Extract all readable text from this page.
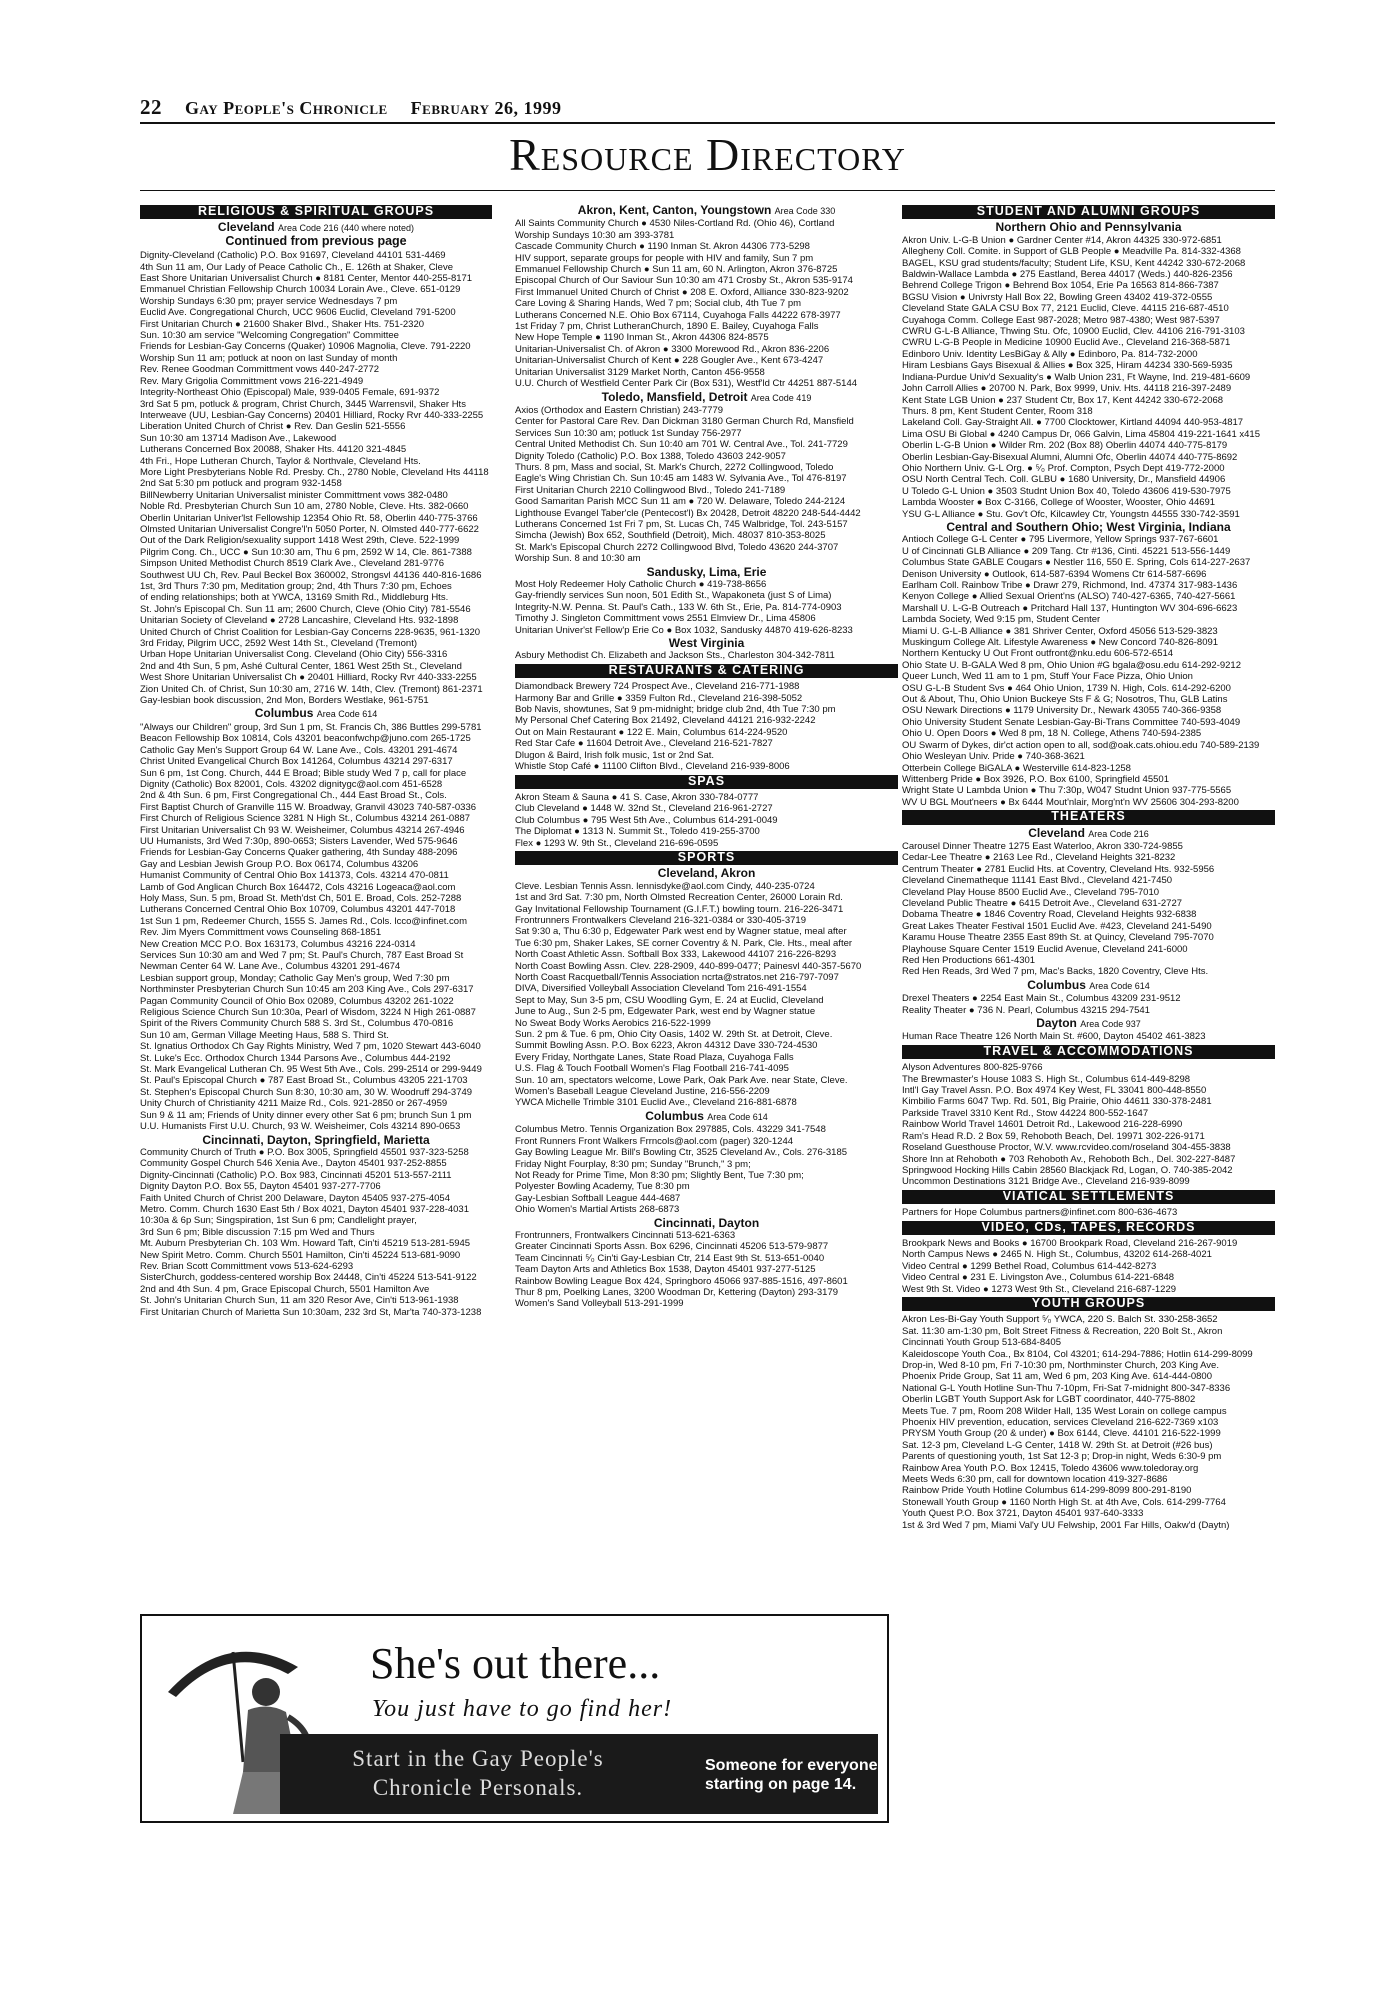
22 Gay People's Chronicle February 26, 1999
Resource Directory
RELIGIOUS & SPIRITUAL GROUPS
Cleveland Area Code 216 (440 where noted)
Continued from previous page
Dignity-Cleveland (Catholic) P.O. Box 91697, Cleveland 44101 531-4469
4th Sun 11 am, Our Lady of Peace Catholic Ch., E. 126th at Shaker, Cleve
East Shore Unitarian Universalist Church ● 8181 Center, Mentor 440-255-8171
Emmanuel Christian Fellowship Church 10034 Lorain Ave., Cleve. 651-0129
Worship Sundays 6:30 pm; prayer service Wednesdays 7 pm
Euclid Ave. Congregational Church, UCC 9606 Euclid, Cleveland 791-5200
First Unitarian Church ● 21600 Shaker Blvd., Shaker Hts. 751-2320
Sun. 10:30 am service "Welcoming Congregation" Committee
Friends for Lesbian-Gay Concerns (Quaker) 10906 Magnolia, Cleve. 791-2220
Worship Sun 11 am; potluck at noon on last Sunday of month
Rev. Renee Goodman Committment vows 440-247-2772
Rev. Mary Grigolia Committment vows 216-221-4949
Integrity-Northeast Ohio (Episcopal) Male, 939-0405 Female, 691-9372
3rd Sat 5 pm, potluck & program, Christ Church, 3445 Warrensvil, Shaker Hts
Interweave (UU, Lesbian-Gay Concerns) 20401 Hilliard, Rocky Rvr 440-333-2255
Liberation United Church of Christ ● Rev. Dan Geslin 521-5556
Sun 10:30 am 13714 Madison Ave., Lakewood
Lutherans Concerned Box 20088, Shaker Hts. 44120 321-4845
4th Fri., Hope Lutheran Church, Taylor & Northvale, Cleveland Hts.
More Light Presbyterians Noble Rd. Presby. Ch., 2780 Noble, Cleveland Hts 44118
2nd Sat 5:30 pm potluck and program 932-1458
BillNewberry Unitarian Universalist minister Committment vows 382-0480
Noble Rd. Presbyterian Church Sun 10 am, 2780 Noble, Cleve. Hts. 382-0660
Oberlin Unitarian Univer'lst Fellowship 12354 Ohio Rt. 58, Oberlin 440-775-3766
Olmsted Unitarian Universalist Congre'l'n 5050 Porter, N. Olmsted 440-777-6622
Out of the Dark Religion/sexuality support 1418 West 29th, Cleve. 522-1999
Pilgrim Cong. Ch., UCC ● Sun 10:30 am, Thu 6 pm, 2592 W 14, Cle. 861-7388
Simpson United Methodist Church 8519 Clark Ave., Cleveland 281-9776
Southwest UU Ch, Rev. Paul Beckel Box 360002, Strongsvl 44136 440-816-1686
1st, 3rd Thurs 7:30 pm, Meditation group; 2nd, 4th Thurs 7:30 pm, Echoes
of ending relationships; both at YWCA, 13169 Smith Rd., Middleburg Hts.
St. John's Episcopal Ch. Sun 11 am; 2600 Church, Cleve (Ohio City) 781-5546
Unitarian Society of Cleveland ● 2728 Lancashire, Cleveland Hts. 932-1898
United Church of Christ Coalition for Lesbian-Gay Concerns 228-9635, 961-1320
3rd Friday, Pilgrim UCC, 2592 West 14th St., Cleveland (Tremont)
Urban Hope Unitarian Universalist Cong. Cleveland (Ohio City) 556-3316
2nd and 4th Sun, 5 pm, Ashé Cultural Center, 1861 West 25th St., Cleveland
West Shore Unitarian Universalist Ch ● 20401 Hilliard, Rocky Rvr 440-333-2255
Zion United Ch. of Christ, Sun 10:30 am, 2716 W. 14th, Clev. (Tremont) 861-2371
Gay-lesbian book discussion, 2nd Mon, Borders Westlake, 961-5751
Columbus Area Code 614
"Always our Children" group, 3rd Sun 1 pm, St. Francis Ch, 386 Buttles 299-5781
Beacon Fellowship Box 10814, Cols 43201 beaconfwchp@juno.com 265-1725
Catholic Gay Men's Support Group 64 W. Lane Ave., Cols. 43201 291-4674
Christ United Evangelical Church Box 141264, Columbus 43214 297-6317
Sun 6 pm, 1st Cong. Church, 444 E Broad; Bible study Wed 7 p, call for place
Dignity (Catholic) Box 82001, Cols. 43202 dignitygc@aol.com 451-6528
2nd & 4th Sun. 6 pm, First Congregational Ch., 444 East Broad St., Cols.
First Baptist Church of Granville 115 W. Broadway, Granvil 43023 740-587-0336
First Church of Religious Science 3281 N High St., Columbus 43214 261-0887
First Unitarian Universalist Ch 93 W. Weisheimer, Columbus 43214 267-4946
UU Humanists, 3rd Wed 7:30p, 890-0653; Sisters Lavender, Wed 575-9646
Friends for Lesbian-Gay Concerns Quaker gathering, 4th Sunday 488-2096
Gay and Lesbian Jewish Group P.O. Box 06174, Columbus 43206
Humanist Community of Central Ohio Box 141373, Cols. 43214 470-0811
Lamb of God Anglican Church Box 164472, Cols 43216 Logeaca@aol.com
Holy Mass, Sun. 5 pm, Broad St. Meth'dst Ch, 501 E. Broad, Cols. 252-7288
Lutherans Concerned Central Ohio Box 10709, Columbus 43201 447-7018
1st Sun 1 pm, Redeemer Church, 1555 S. James Rd., Cols. lcco@infinet.com
Rev. Jim Myers Committment vows Counseling 868-1851
New Creation MCC P.O. Box 163173, Columbus 43216 224-0314
Services Sun 10:30 am and Wed 7 pm; St. Paul's Church, 787 East Broad St
Newman Center 64 W. Lane Ave., Columbus 43201 291-4674
Lesbian support group, Monday; Catholic Gay Men's group, Wed 7:30 pm
Northminster Presbyterian Church Sun 10:45 am 203 King Ave., Cols 297-6317
Pagan Community Council of Ohio Box 02089, Columbus 43202 261-1022
Religious Science Church Sun 10:30a, Pearl of Wisdom, 3224 N High 261-0887
Spirit of the Rivers Community Church 588 S. 3rd St., Columbus 470-0816
Sun 10 am, German Village Meeting Haus, 588 S. Third St.
St. Ignatius Orthodox Ch Gay Rights Ministry, Wed 7 pm, 1020 Stewart 443-6040
St. Luke's Ecc. Orthodox Church 1344 Parsons Ave., Columbus 444-2192
St. Mark Evangelical Lutheran Ch. 95 West 5th Ave., Cols. 299-2514 or 299-9449
St. Paul's Episcopal Church ● 787 East Broad St., Columbus 43205 221-1703
St. Stephen's Episcopal Church Sun 8:30, 10:30 am, 30 W. Woodruff 294-3749
Unity Church of Christianity 4211 Maize Rd., Cols. 921-2850 or 267-4959
Sun 9 & 11 am; Friends of Unity dinner every other Sat 6 pm; brunch Sun 1 pm
U.U. Humanists First U.U. Church, 93 W. Weisheimer, Cols 43214 890-0653
Cincinnati, Dayton, Springfield, Marietta
Community Church of Truth ● P.O. Box 3005, Springfield 45501 937-323-5258
Community Gospel Church 546 Xenia Ave., Dayton 45401 937-252-8855
Dignity-Cincinnati (Catholic) P.O. Box 983, Cincinnati 45201 513-557-2111
Dignity Dayton P.O. Box 55, Dayton 45401 937-277-7706
Faith United Church of Christ 200 Delaware, Dayton 45405 937-275-4054
Metro. Comm. Church 1630 East 5th / Box 4021, Dayton 45401 937-228-4031
10:30a & 6p Sun; Singspiration, 1st Sun 6 pm; Candlelight prayer,
3rd Sun 6 pm; Bible discussion 7:15 pm Wed and Thurs
Mt. Auburn Presbyterian Ch. 103 Wm. Howard Taft, Cin'ti 45219 513-281-5945
New Spirit Metro. Comm. Church 5501 Hamilton, Cin'ti 45224 513-681-9090
Rev. Brian Scott Committment vows 513-624-6293
SisterChurch, goddess-centered worship Box 24448, Cin'ti 45224 513-541-9122
2nd and 4th Sun. 4 pm, Grace Episcopal Church, 5501 Hamilton Ave
St. John's Unitarian Church Sun, 11 am 320 Resor Ave, Cin'ti 513-961-1938
First Unitarian Church of Marietta Sun 10:30am, 232 3rd St, Mar'ta 740-373-1238
Akron, Kent, Canton, Youngstown Area Code 330
All Saints Community Church ● 4530 Niles-Cortland Rd. (Ohio 46), Cortland
Worship Sundays 10:30 am 393-3781
Cascade Community Church ● 1190 Inman St. Akron 44306 773-5298
HIV support, separate groups for people with HIV and family, Sun 7 pm
Emmanuel Fellowship Church ● Sun 11 am, 60 N. Arlington, Akron 376-8725
Episcopal Church of Our Saviour Sun 10:30 am 471 Crosby St., Akron 535-9174
First Immanuel United Church of Christ ● 208 E. Oxford, Alliance 330-823-9202
Care Loving & Sharing Hands, Wed 7 pm; Social club, 4th Tue 7 pm
Lutherans Concerned N.E. Ohio Box 67114, Cuyahoga Falls 44222 678-3977
1st Friday 7 pm, Christ LutheranChurch, 1890 E. Bailey, Cuyahoga Falls
New Hope Temple ● 1190 Inman St., Akron 44306 824-8575
Unitarian-Universalist Ch. of Akron ● 3300 Morewood Rd., Akron 836-2206
Unitarian-Universalist Church of Kent ● 228 Gougler Ave., Kent 673-4247
Unitarian Universalist 3129 Market North, Canton 456-9558
U.U. Church of Westfield Center Park Cir (Box 531), Westf'ld Ctr 44251 887-5144
Toledo, Mansfield, Detroit Area Code 419
Axios (Orthodox and Eastern Christian) 243-7779
Center for Pastoral Care Rev. Dan Dickman 3180 German Church Rd, Mansfield
Services Sun 10:30 am; potluck 1st Sunday 756-2977
Central United Methodist Ch. Sun 10:40 am 701 W. Central Ave., Tol. 241-7729
Dignity Toledo (Catholic) P.O. Box 1388, Toledo 43603 242-9057
Thurs. 8 pm, Mass and social, St. Mark's Church, 2272 Collingwood, Toledo
Eagle's Wing Christian Ch. Sun 10:45 am 1483 W. Sylvania Ave., Tol 476-8197
First Unitarian Church 2210 Collingwood Blvd., Toledo 241-7189
Good Samaritan Parish MCC Sun 11 am ● 720 W. Delaware, Toledo 244-2124
Lighthouse Evangel Taber'cle (Pentecost'l) Bx 20428, Detroit 48220 248-544-4442
Lutherans Concerned 1st Fri 7 pm, St. Lucas Ch, 745 Walbridge, Tol. 243-5157
Simcha (Jewish) Box 652, Southfield (Detroit), Mich. 48037 810-353-8025
St. Mark's Episcopal Church 2272 Collingwood Blvd, Toledo 43620 244-3707
Worship Sun. 8 and 10:30 am
Sandusky, Lima, Erie
Most Holy Redeemer Holy Catholic Church ● 419-738-8656
Gay-friendly services Sun noon, 501 Edith St., Wapakoneta (just S of Lima)
Integrity-N.W. Penna. St. Paul's Cath., 133 W. 6th St., Erie, Pa. 814-774-0903
Timothy J. Singleton Committment vows 2551 Elmview Dr., Lima 45806
Unitarian Univer'st Fellow'p Erie Co ● Box 1032, Sandusky 44870 419-626-8233
West Virginia
Asbury Methodist Ch. Elizabeth and Jackson Sts., Charleston 304-342-7811
RESTAURANTS & CATERING
Diamondback Brewery 724 Prospect Ave., Cleveland 216-771-1988
Harmony Bar and Grille ● 3359 Fulton Rd., Cleveland 216-398-5052
Bob Navis, showtunes, Sat 9 pm-midnight; bridge club 2nd, 4th Tue 7:30 pm
My Personal Chef Catering Box 21492, Cleveland 44121 216-932-2242
Out on Main Restaurant ● 122 E. Main, Columbus 614-224-9520
Red Star Cafe ● 11604 Detroit Ave., Cleveland 216-521-7827
Dlugon & Baird, Irish folk music, 1st or 2nd Sat.
Whistle Stop Café ● 11100 Clifton Blvd., Cleveland 216-939-8006
SPAS
Akron Steam & Sauna ● 41 S. Case, Akron 330-784-0777
Club Cleveland ● 1448 W. 32nd St., Cleveland 216-961-2727
Club Columbus ● 795 West 5th Ave., Columbus 614-291-0049
The Diplomat ● 1313 N. Summit St., Toledo 419-255-3700
Flex ● 1293 W. 9th St., Cleveland 216-696-0595
SPORTS
Cleveland, Akron
Cleve. Lesbian Tennis Assn. lennisdyke@aol.com Cindy, 440-235-0724
1st and 3rd Sat. 7:30 pm, North Olmsted Recreation Center, 26000 Lorain Rd.
Gay Invitational Fellowship Tournament (G.I.F.T.) bowling tourn. 216-226-3471
Frontrunners Frontwalkers Cleveland 216-321-0384 or 330-405-3719
Sat 9:30 a, Thu 6:30 p, Edgewater Park west end by Wagner statue, meal after
Tue 6:30 pm, Shaker Lakes, SE corner Coventry & N. Park, Cle. Hts., meal after
North Coast Athletic Assn. Softball Box 333, Lakewood 44107 216-226-8293
North Coast Bowling Assn. Clev. 228-2909, 440-899-0477; Painesvl 440-357-5670
North Coast Racquetball/Tennis Association ncrta@stratos.net 216-797-7097
DIVA, Diversified Volleyball Association Cleveland Tom 216-491-1554
Sept to May, Sun 3-5 pm, CSU Woodling Gym, E. 24 at Euclid, Cleveland
June to Aug., Sun 2-5 pm, Edgewater Park, west end by Wagner statue
No Sweat Body Works Aerobics 216-522-1999
Sun. 2 pm & Tue. 6 pm, Ohio City Oasis, 1402 W. 29th St. at Detroit, Cleve.
Summit Bowling Assn. P.O. Box 6223, Akron 44312 Dave 330-724-4530
Every Friday, Northgate Lanes, State Road Plaza, Cuyahoga Falls
U.S. Flag & Touch Football Women's Flag Football 216-741-4095
Sun. 10 am, spectators welcome, Lowe Park, Oak Park Ave. near State, Cleve.
Women's Baseball League Cleveland Justine, 216-556-2209
YWCA Michelle Trimble 3101 Euclid Ave., Cleveland 216-881-6878
Columbus Area Code 614
Columbus Metro. Tennis Organization Box 297885, Cols. 43229 341-7548
Front Runners Front Walkers Frrncols@aol.com (pager) 320-1244
Gay Bowling League Mr. Bill's Bowling Ctr, 3525 Cleveland Av., Cols. 276-3185
Friday Night Fourplay, 8:30 pm; Sunday "Brunch," 3 pm;
Not Ready for Prime Time, Mon 8:30 pm; Slightly Bent, Tue 7:30 pm;
Polyester Bowling Academy, Tue 8:30 pm
Gay-Lesbian Softball League 444-4687
Ohio Women's Martial Artists 268-6873
Cincinnati, Dayton
Frontrunners, Frontwalkers Cincinnati 513-621-6363
Greater Cincinnati Sports Assn. Box 6296, Cincinnati 45206 513-579-9877
Team Cincinnati ⁵⁄₀ Cin'ti Gay-Lesbian Ctr, 214 East 9th St. 513-651-0040
Team Dayton Arts and Athletics Box 1538, Dayton 45401 937-277-5125
Rainbow Bowling League Box 424, Springboro 45066 937-885-1516, 497-8601
Thur 8 pm, Poelking Lanes, 3200 Woodman Dr, Kettering (Dayton) 293-3179
Women's Sand Volleyball 513-291-1999
STUDENT AND ALUMNI GROUPS
Northern Ohio and Pennsylvania
Akron Univ. L-G-B Union ● Gardner Center #14, Akron 44325 330-972-6851
Allegheny Coll. Comite. in Support of GLB People ● Meadville Pa. 814-332-4368
BAGEL, KSU grad students/faculty; Student Life, KSU, Kent 44242 330-672-2068
Baldwin-Wallace Lambda ● 275 Eastland, Berea 44017 (Weds.) 440-826-2356
Behrend College Trigon ● Behrend Box 1054, Erie Pa 16563 814-866-7387
BGSU Vision ● Univrsty Hall Box 22, Bowling Green 43402 419-372-0555
Cleveland State GALA CSU Box 77, 2121 Euclid, Cleve. 44115 216-687-4510
Cuyahoga Comm. College East 987-2028; Metro 987-4380; West 987-5397
CWRU G-L-B Alliance, Thwing Stu. Ofc, 10900 Euclid, Clev. 44106 216-791-3103
CWRU L-G-B People in Medicine 10900 Euclid Ave., Cleveland 216-368-5871
Edinboro Univ. Identity LesBiGay & Ally ● Edinboro, Pa. 814-732-2000
Hiram Lesbians Gays Bisexual & Allies ● Box 325, Hiram 44234 330-569-5935
Indiana-Purdue Univ'd Sexuality's ● Walb Union 231, Ft Wayne, Ind. 219-481-6609
John Carroll Allies ● 20700 N. Park, Box 9999, Univ. Hts. 44118 216-397-2489
Kent State LGB Union ● 237 Student Ctr, Box 17, Kent 44242 330-672-2068
Thurs. 8 pm, Kent Student Center, Room 318
Lakeland Coll. Gay-Straight All. ● 7700 Clocktower, Kirtland 44094 440-953-4817
Lima OSU Bi Global ● 4240 Campus Dr, 066 Galvin, Lima 45804 419-221-1641 x415
Oberlin L-G-B Union ● Wilder Rm. 202 (Box 88) Oberlin 44074 440-775-8179
Oberlin Lesbian-Gay-Bisexual Alumni, Alumni Ofc, Oberlin 44074 440-775-8692
Ohio Northern Univ. G-L Org. ● ⁵⁄₀ Prof. Compton, Psych Dept 419-772-2000
OSU North Central Tech. Coll. GLBU ● 1680 University, Dr., Mansfield 44906
U Toledo G-L Union ● 3503 Studnt Union Box 40, Toledo 43606 419-530-7975
Lambda Wooster ● Box C-3166, College of Wooster, Wooster, Ohio 44691
YSU G-L Alliance ● Stu. Gov't Ofc, Kilcawley Ctr, Youngstn 44555 330-742-3591
Central and Southern Ohio; West Virginia, Indiana
Antioch College G-L Center ● 795 Livermore, Yellow Springs 937-767-6601
U of Cincinnati GLB Alliance ● 209 Tang. Ctr #136, Cinti. 45221 513-556-1449
Columbus State GABLE Cougars ● Nestler 116, 550 E. Spring, Cols 614-227-2637
Denison University ● Outlook, 614-587-6394 Womens Ctr 614-587-6696
Earlham Coll. Rainbow Tribe ● Drawr 279, Richmond, Ind. 47374 317-983-1436
Kenyon College ● Allied Sexual Orient'ns (ALSO) 740-427-6365, 740-427-5661
Marshall U. L-G-B Outreach ● Pritchard Hall 137, Huntington WV 304-696-6623
Lambda Society, Wed 9:15 pm, Student Center
Miami U. G-L-B Alliance ● 381 Shriver Center, Oxford 45056 513-529-3823
Muskingum College Alt. Lifestyle Awareness ● New Concord 740-826-8091
Northern Kentucky U Out Front outfront@nku.edu 606-572-6514
Ohio State U. B-GALA Wed 8 pm, Ohio Union #G bgala@osu.edu 614-292-9212
Queer Lunch, Wed 11 am to 1 pm, Stuff Your Face Pizza, Ohio Union
OSU G-L-B Student Svs ● 464 Ohio Union, 1739 N. High, Cols. 614-292-6200
Out & About, Thu, Ohio Union Buckeye Sts F & G; Nosotros, Thu, GLB Latins
OSU Newark Directions ● 1179 University Dr., Newark 43055 740-366-9358
Ohio University Student Senate Lesbian-Gay-Bi-Trans Committee 740-593-4049
Ohio U. Open Doors ● Wed 8 pm, 18 N. College, Athens 740-594-2385
OU Swarm of Dykes, dir'ct action open to all, sod@oak.cats.ohiou.edu 740-589-2139
Ohio Wesleyan Univ. Pride ● 740-368-3621
Otterbein College BiGALA ● Westerville 614-823-1258
Wittenberg Pride ● Box 3926, P.O. Box 6100, Springfield 45501
Wright State U Lambda Union ● Thu 7:30p, W047 Studnt Union 937-775-5565
WV U BGL Mout'neers ● Bx 6444 Mout'nlair, Morg'nt'n WV 25606 304-293-8200
THEATERS
Cleveland Area Code 216
Carousel Dinner Theatre 1275 East Waterloo, Akron 330-724-9855
Cedar-Lee Theatre ● 2163 Lee Rd., Cleveland Heights 321-8232
Centrum Theater ● 2781 Euclid Hts. at Coventry, Cleveland Hts. 932-5956
Cleveland Cinematheque 11141 East Blvd., Cleveland 421-7450
Cleveland Play House 8500 Euclid Ave., Cleveland 795-7010
Cleveland Public Theatre ● 6415 Detroit Ave., Cleveland 631-2727
Dobama Theatre ● 1846 Coventry Road, Cleveland Heights 932-6838
Great Lakes Theater Festival 1501 Euclid Ave. #423, Cleveland 241-5490
Karamu House Theatre 2355 East 89th St. at Quincy, Cleveland 795-7070
Playhouse Square Center 1519 Euclid Avenue, Cleveland 241-6000
Red Hen Productions 661-4301
Red Hen Reads, 3rd Wed 7 pm, Mac's Backs, 1820 Coventry, Cleve Hts.
Columbus Area Code 614
Drexel Theaters ● 2254 East Main St., Columbus 43209 231-9512
Reality Theater ● 736 N. Pearl, Columbus 43215 294-7541
Dayton Area Code 937
Human Race Theatre 126 North Main St. #600, Dayton 45402 461-3823
TRAVEL & ACCOMMODATIONS
Alyson Adventures 800-825-9766
The Brewmaster's House 1083 S. High St., Columbus 614-449-8298
Intl'l Gay Travel Assn. P.O. Box 4974 Key West, FL 33041 800-448-8550
Kimbilio Farms 6047 Twp. Rd. 501, Big Prairie, Ohio 44611 330-378-2481
Parkside Travel 3310 Kent Rd., Stow 44224 800-552-1647
Rainbow World Travel 14601 Detroit Rd., Lakewood 216-228-6990
Ram's Head R.D. 2 Box 59, Rehoboth Beach, Del. 19971 302-226-9171
Roseland Guesthouse Proctor, W.V. www.rcvideo.com/roseland 304-455-3838
Shore Inn at Rehoboth ● 703 Rehoboth Av., Rehoboth Bch., Del. 302-227-8487
Springwood Hocking Hills Cabin 28560 Blackjack Rd, Logan, O. 740-385-2042
Uncommon Destinations 3121 Bridge Ave., Cleveland 216-939-8099
VIATICAL SETTLEMENTS
Partners for Hope Columbus partners@infinet.com 800-636-4673
VIDEO, CDs, TAPES, RECORDS
Brookpark News and Books ● 16700 Brookpark Road, Cleveland 216-267-9019
North Campus News ● 2465 N. High St., Columbus, 43202 614-268-4021
Video Central ● 1299 Bethel Road, Columbus 614-442-8273
Video Central ● 231 E. Livingston Ave., Columbus 614-221-6848
West 9th St. Video ● 1273 West 9th St., Cleveland 216-687-1229
YOUTH GROUPS
Akron Les-Bi-Gay Youth Support ⁵⁄₀ YWCA, 220 S. Balch St. 330-258-3652
Sat. 11:30 am-1:30 pm, Bolt Street Fitness & Recreation, 220 Bolt St., Akron
Cincinnati Youth Group 513-684-8405
Kaleidoscope Youth Coa., Bx 8104, Col 43201; 614-294-7886; Hotlin 614-299-8099
Drop-in, Wed 8-10 pm, Fri 7-10:30 pm, Northminster Church, 203 King Ave.
Phoenix Pride Group, Sat 11 am, Wed 6 pm, 203 King Ave. 614-444-0800
National G-L Youth Hotline Sun-Thu 7-10pm, Fri-Sat 7-midnight 800-347-8336
Oberlin LGBT Youth Support Ask for LGBT coordinator, 440-775-8802
Meets Tue. 7 pm, Room 208 Wilder Hall, 135 West Lorain on college campus
Phoenix HIV prevention, education, services Cleveland 216-622-7369 x103
PRYSM Youth Group (20 & under) ● Box 6144, Cleve. 44101 216-522-1999
Sat. 12-3 pm, Cleveland L-G Center, 1418 W. 29th St. at Detroit (#26 bus)
Parents of questioning youth, 1st Sat 12-3 p; Drop-in night, Weds 6:30-9 pm
Rainbow Area Youth P.O. Box 12415, Toledo 43606 www.toledoray.org
Meets Weds 6:30 pm, call for downtown location 419-327-8686
Rainbow Pride Youth Hotline Columbus 614-299-8099 800-291-8190
Stonewall Youth Group ● 1160 North High St. at 4th Ave, Cols. 614-299-7764
Youth Quest P.O. Box 3721, Dayton 45401 937-640-3333
1st & 3rd Wed 7 pm, Miami Val'y UU Felwship, 2001 Far Hills, Oakw'd (Daytn)
She's out there...
You just have to go find her!
Start in the Gay People's
Chronicle Personals.
Someone for everyone
starting on page 14.
